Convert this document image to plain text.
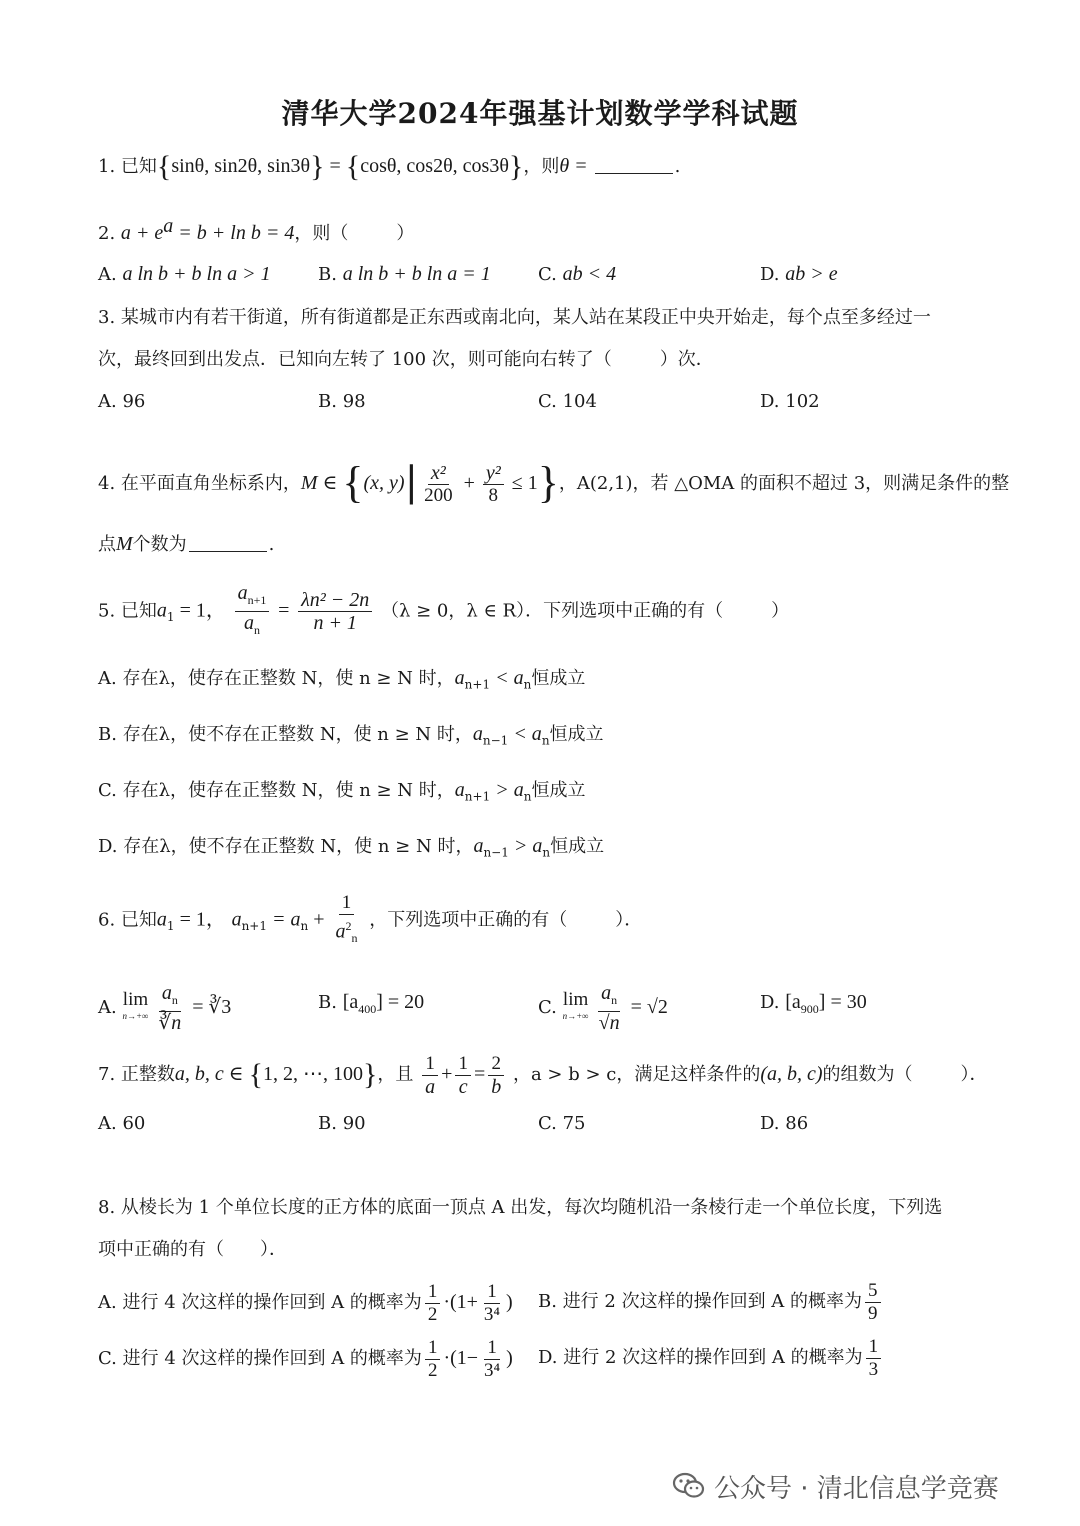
清华大学2024年强基计划数学学科试题
1. 已知{sinθ, sin2θ, sin3θ} = {cosθ, cos2θ, cos3θ}，则θ =	.
2. $a + e^a = b + \ln b = 4$，则（	）
A. a ln b + b ln a > 1	B. a ln b + b ln a = 1	C. ab < 4	D. ab > e
3. 某城市内有若干街道，所有街道都是正东西或南北向，某人站在某段正中央开始走，每个点至多经过一
次，最终回到出发点．已知向左转了 100 次，则可能向右转了（	）次．
A. 96	B. 98	C. 104	D. 102
4. 在平面直角坐标系内，M ∈ {(x, $y)| \frac{\text{x²}}{200} + \frac{\text{y²}}{8} \le 1$}，A(2,1)，若 △OMA 的面积不超过 3，则满足条件的整
点M个数为	.
5. 已知$a_1 = 1$， $\frac{a_{n+1}}{a_n} = \frac{\text{λn² − 2n}}{n + 1} (\lambda \ge 0$，λ ∈ R）．下列选项中正确的有（	）
A. 存在λ，使存在正整数 N，使 n ≥ N 时，$a_{n+1} < a_n$恒成立
B. 存在λ，使不存在正整数 N，使 n ≥ N 时，$a_{n-1} < a_n$恒成立
C. 存在λ，使存在正整数 N，使 n ≥ N 时，$a_{n+1} > a_n$恒成立
D. 存在λ，使不存在正整数 N，使 n ≥ N 时，$a_{n-1} > a_n$恒成立
6. 已知$a_1 = 1$， $a_{n+1} = a_n + \frac{1}{a^2_n}$ ，下列选项中正确的有（	）．
A. lim
$n\to+\infty \frac{a_n}{∛n}$ = ∛3	B. $[a_{400}] = 20$	C. lim
$n\to+\infty \frac{a_n}{√n} = √2$	D. $[a_{900}] = 30$
7. 正整数a, b, c ∈ {1, 2, ⋯, 100}，且 $\frac{1}{a} + \frac{1}{c} = \frac{2}{b}$ ，a > b > c，满足这样条件的(a, b, c)的组数为（	）．
A. 60	B. 90	C. 75	D. 86
8. 从棱长为 1 个单位长度的正方体的底面一顶点 A 出发，每次均随机沿一条棱行走一个单位长度，下列选
项中正确的有（ ）．
A. 进行 4 次这样的操作回到 A 的概率为 $\frac{1}{2} \cdot(1+ \frac{1}{\text{3⁴}}$ ) B. 进行 2 次这样的操作回到 A 的概率为 $\frac{5}{9}$
C. 进行 4 次这样的操作回到 A 的概率为 $\frac{1}{2} \cdot(1- \frac{1}{\text{3⁴}}$ ) D. 进行 2 次这样的操作回到 A 的概率为 $\frac{1}{3}$
公众号 · 清北信息学竞赛
